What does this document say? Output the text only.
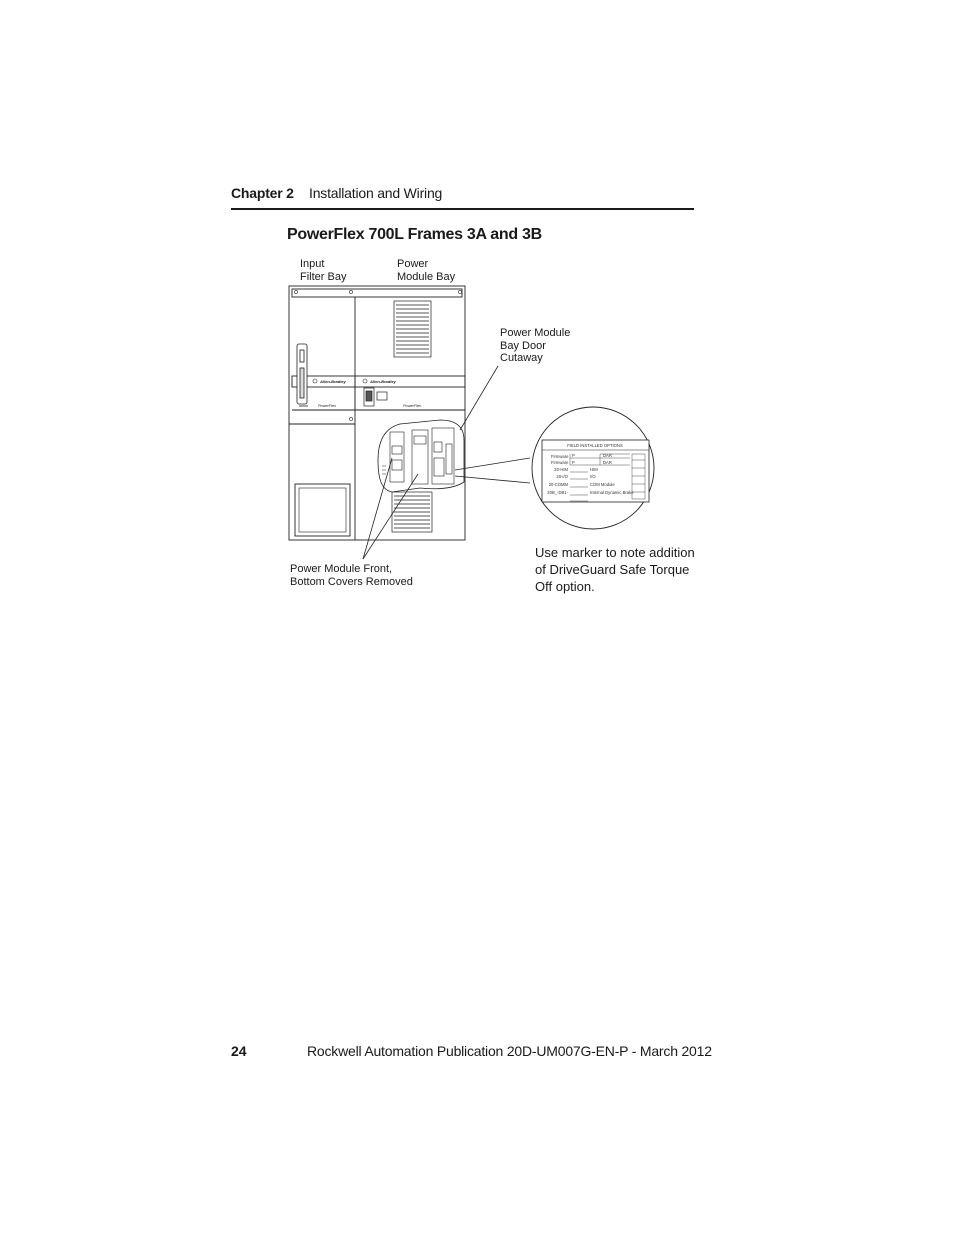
Chapter 2 Installation and Wiring
PowerFlex 700L Frames 3A and 3B
Allen-Bradley	Allen-Bradley
PowerFlex	PowerFlex
FIELD INSTALLED OPTIONS
Firmware P	DAR
Firmware P	DAR
20-HIM	HIM
20-I/O	I/O
20-COMM	COM Module
20B_-DB1-	Internal Dynamic Brake
Input
Filter Bay
Power
Module Bay
Power Module
Bay Door
Cutaway
Power Module Front,
Bottom Covers Removed
Use marker to note addition of DriveGuard Safe Torque Off option.
24	Rockwell Automation Publication 20D-UM007G-EN-P - March 2012
